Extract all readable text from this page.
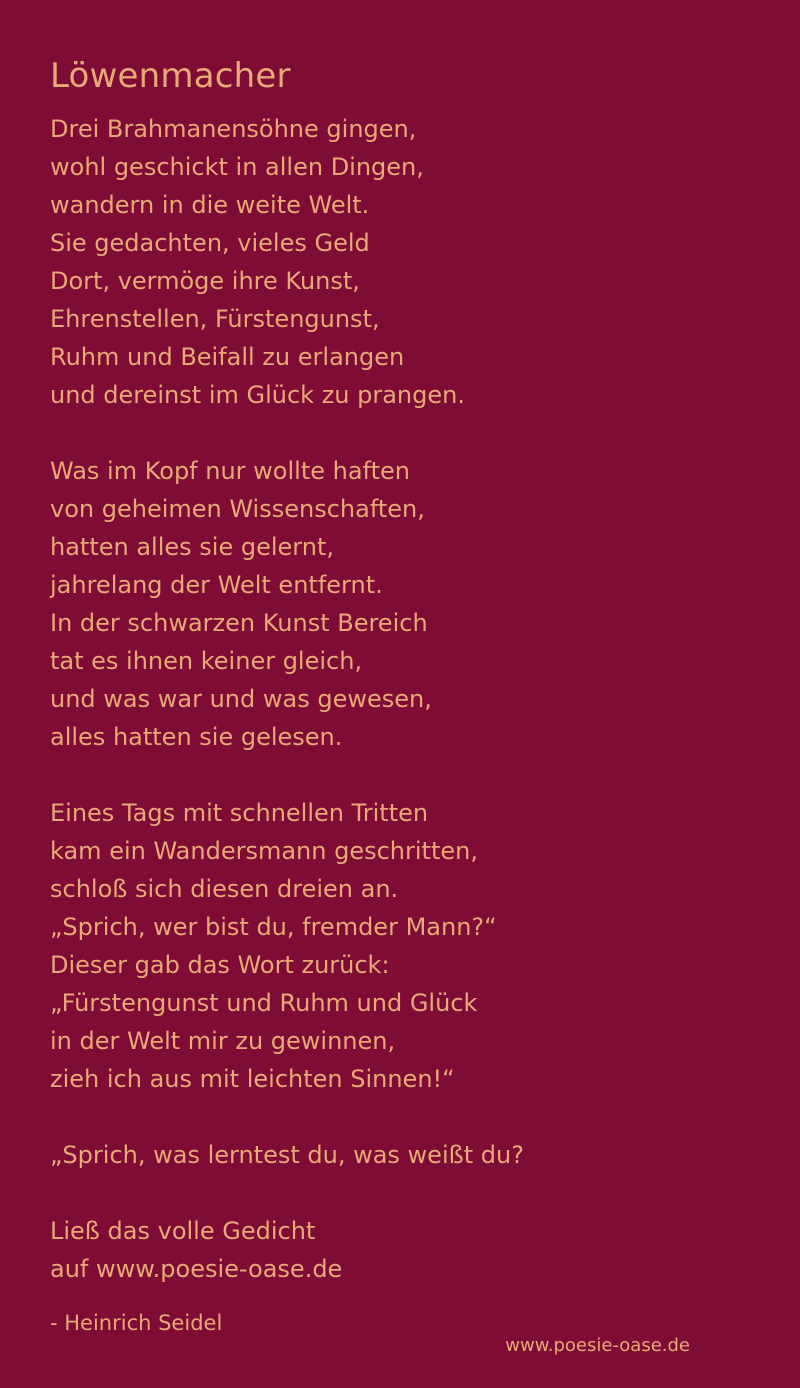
Löwenmacher
Drei Brahmanensöhne gingen,
wohl geschickt in allen Dingen,
wandern in die weite Welt.
Sie gedachten, vieles Geld
Dort, vermöge ihre Kunst,
Ehrenstellen, Fürstengunst,
Ruhm und Beifall zu erlangen
und dereinst im Glück zu prangen.
Was im Kopf nur wollte haften
von geheimen Wissenschaften,
hatten alles sie gelernt,
jahrelang der Welt entfernt.
In der schwarzen Kunst Bereich
tat es ihnen keiner gleich,
und was war und was gewesen,
alles hatten sie gelesen.
Eines Tags mit schnellen Tritten
kam ein Wandersmann geschritten,
schloß sich diesen dreien an.
„Sprich, wer bist du, fremder Mann?“
Dieser gab das Wort zurück:
„Fürstengunst und Ruhm und Glück
in der Welt mir zu gewinnen,
zieh ich aus mit leichten Sinnen!“
„Sprich, was lerntest du, was weißt du?
Ließ das volle Gedicht
auf www.poesie-oase.de
- Heinrich Seidel
www.poesie-oase.de
